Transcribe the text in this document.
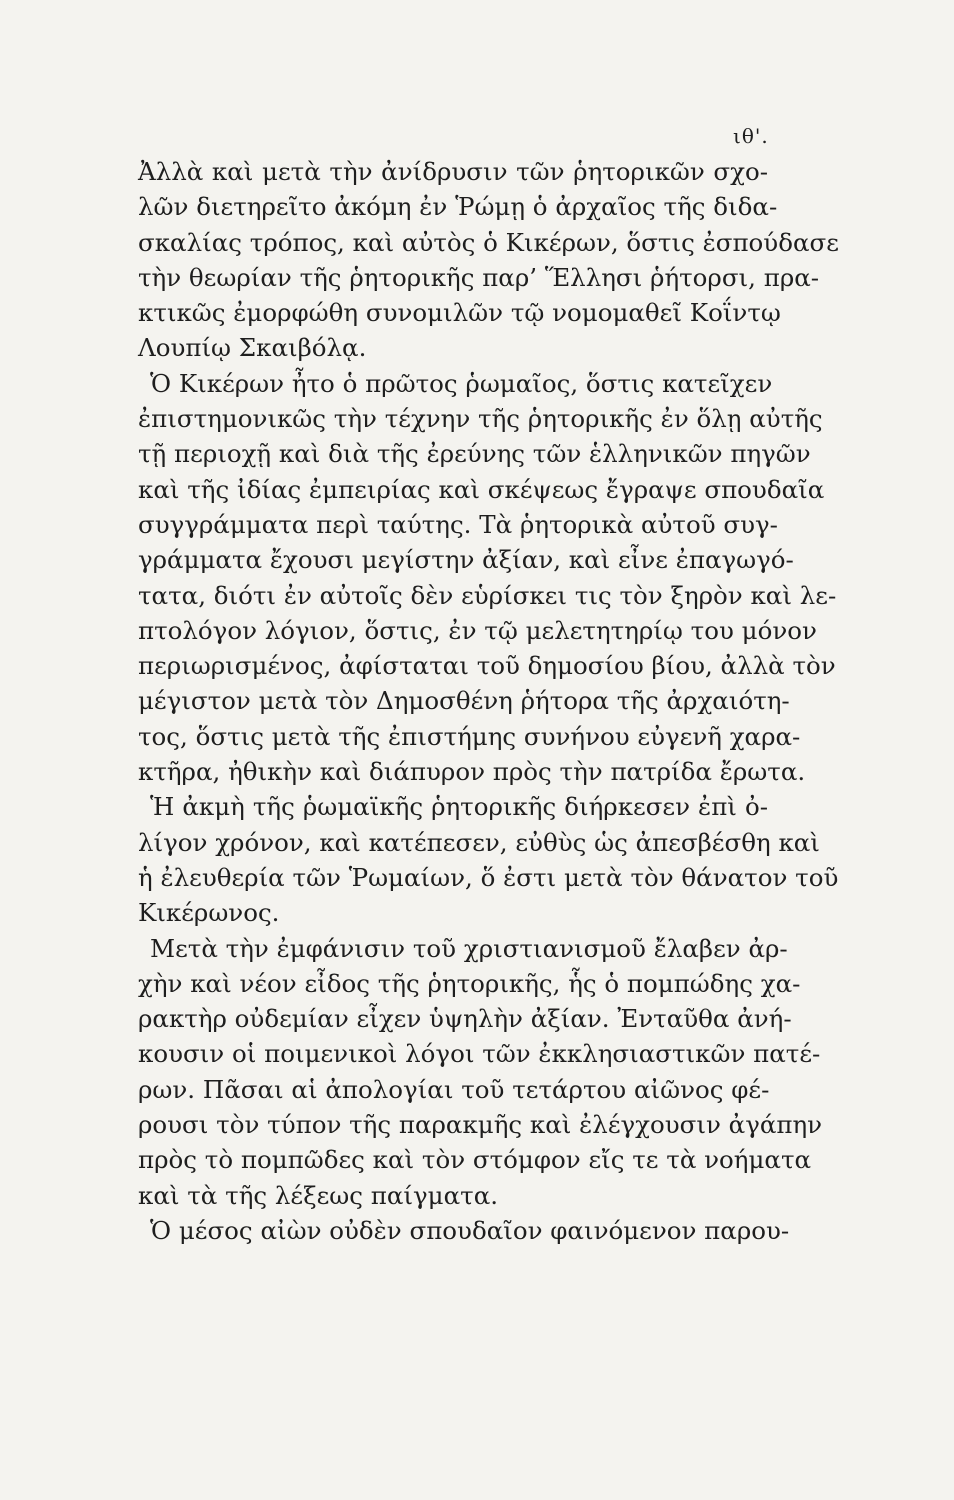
ιθ'.
Ἀλλὰ καὶ μετὰ τὴν ἀνίδρυσιν τῶν ῥητορικῶν σχο-
λῶν διετηρεῖτο ἀκόμη ἐν Ῥώμῃ ὁ ἀρχαῖος τῆς διδα-
σκαλίας τρόπος, καὶ αὐτὸς ὁ Κικέρων, ὅστις ἐσπούδασε
τὴν θεωρίαν τῆς ῥητορικῆς παρ’ Ἕλλησι ῥήτορσι, πρα-
κτικῶς ἐμορφώθη συνομιλῶν τῷ νομομαθεῖ Κοΐντῳ
Λουπίῳ Σκαιβόλᾳ.
Ὁ Κικέρων ἦτο ὁ πρῶτος ῥωμαῖος, ὅστις κατεῖχεν
ἐπιστημονικῶς τὴν τέχνην τῆς ῥητορικῆς ἐν ὅλῃ αὐτῆς
τῇ περιοχῇ καὶ διὰ τῆς ἐρεύνης τῶν ἑλληνικῶν πηγῶν
καὶ τῆς ἰδίας ἐμπειρίας καὶ σκέψεως ἔγραψε σπουδαῖα
συγγράμματα περὶ ταύτης. Τὰ ῥητορικὰ αὐτοῦ συγ-
γράμματα ἔχουσι μεγίστην ἀξίαν, καὶ εἶνε ἐπαγωγό-
τατα, διότι ἐν αὐτοῖς δὲν εὑρίσκει τις τὸν ξηρὸν καὶ λε-
πτολόγον λόγιον, ὅστις, ἐν τῷ μελετητηρίῳ του μόνον
περιωρισμένος, ἀφίσταται τοῦ δημοσίου βίου, ἀλλὰ τὸν
μέγιστον μετὰ τὸν Δημοσθένη ῥήτορα τῆς ἀρχαιότη-
τος, ὅστις μετὰ τῆς ἐπιστήμης συνήνου εὐγενῆ χαρα-
κτῆρα, ἠθικὴν καὶ διάπυρον πρὸς τὴν πατρίδα ἔρωτα.
Ἡ ἀκμὴ τῆς ῥωμαϊκῆς ῥητορικῆς διήρκεσεν ἐπὶ ὀ-
λίγον χρόνον, καὶ κατέπεσεν, εὐθὺς ὡς ἀπεσβέσθη καὶ
ἡ ἐλευθερία τῶν Ῥωμαίων, ὅ ἐστι μετὰ τὸν θάνατον τοῦ
Κικέρωνος.
Μετὰ τὴν ἐμφάνισιν τοῦ χριστιανισμοῦ ἔλαβεν ἀρ-
χὴν καὶ νέον εἶδος τῆς ῥητορικῆς, ἧς ὁ πομπώδης χα-
ρακτὴρ οὐδεμίαν εἶχεν ὑψηλὴν ἀξίαν. Ἐνταῦθα ἀνή-
κουσιν οἱ ποιμενικοὶ λόγοι τῶν ἐκκλησιαστικῶν πατέ-
ρων. Πᾶσαι αἱ ἀπολογίαι τοῦ τετάρτου αἰῶνος φέ-
ρουσι τὸν τύπον τῆς παρακμῆς καὶ ἐλέγχουσιν ἀγάπην
πρὸς τὸ πομπῶδες καὶ τὸν στόμφον εἴς τε τὰ νοήματα
καὶ τὰ τῆς λέξεως παίγματα.
Ὁ μέσος αἰὼν οὐδὲν σπουδαῖον φαινόμενον παρου-
